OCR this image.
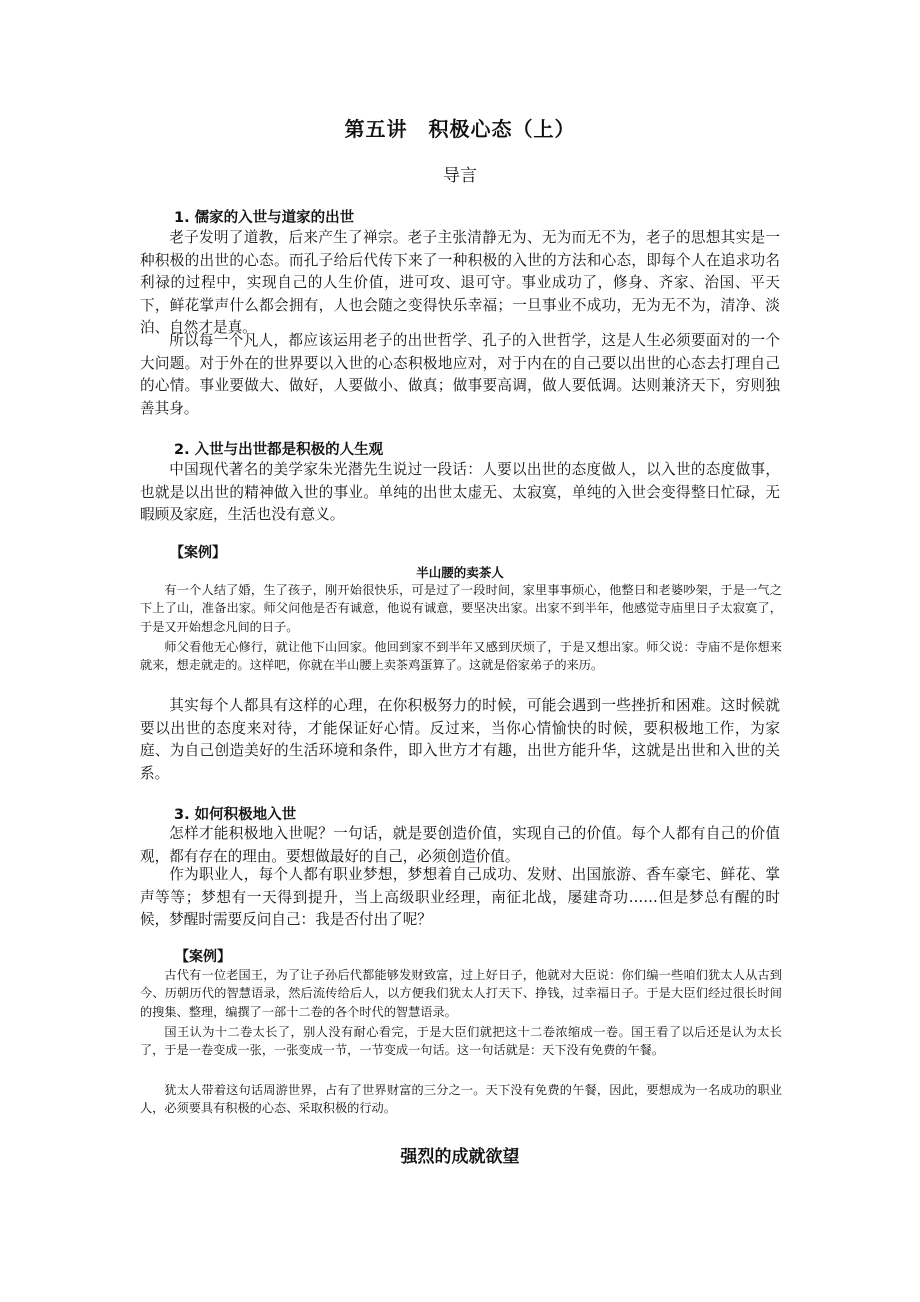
第五讲　积极心态（上）
导言
1. 儒家的入世与道家的出世

老子发明了道教，后来产生了禅宗。老子主张清静无为、无为而无不为，老子的思想其实是一种积极的出世的心态。而孔子给后代传下来了一种积极的入世的方法和心态，即每个人在追求功名利禄的过程中，实现自己的人生价值，进可攻、退可守。事业成功了，修身、齐家、治国、平天下，鲜花掌声什么都会拥有，人也会随之变得快乐幸福；一旦事业不成功，无为无不为，清净、淡泊、自然才是真。

所以每一个凡人，都应该运用老子的出世哲学、孔子的入世哲学，这是人生必须要面对的一个大问题。对于外在的世界要以入世的心态积极地应对，对于内在的自己要以出世的心态去打理自己的心情。事业要做大、做好，人要做小、做真；做事要高调，做人要低调。达则兼济天下，穷则独善其身。

2. 入世与出世都是积极的人生观

中国现代著名的美学家朱光潜先生说过一段话：人要以出世的态度做人，以入世的态度做事，也就是以出世的精神做入世的事业。单纯的出世太虚无、太寂寞，单纯的入世会变得整日忙碌，无暇顾及家庭，生活也没有意义。

【案例】
半山腰的卖茶人

有一个人结了婚，生了孩子，刚开始很快乐，可是过了一段时间，家里事事烦心，他整日和老婆吵架，于是一气之下上了山，准备出家。师父问他是否有诚意，他说有诚意，要坚决出家。出家不到半年，他感觉寺庙里日子太寂寞了，于是又开始想念凡间的日子。

师父看他无心修行，就让他下山回家。他回到家不到半年又感到厌烦了，于是又想出家。师父说：寺庙不是你想来就来，想走就走的。这样吧，你就在半山腰上卖茶鸡蛋算了。这就是俗家弟子的来历。

其实每个人都具有这样的心理，在你积极努力的时候，可能会遇到一些挫折和困难。这时候就要以出世的态度来对待，才能保证好心情。反过来，当你心情愉快的时候，要积极地工作，为家庭、为自己创造美好的生活环境和条件，即入世方才有趣，出世方能升华，这就是出世和入世的关系。

3. 如何积极地入世

怎样才能积极地入世呢？一句话，就是要创造价值，实现自己的价值。每个人都有自己的价值观，都有存在的理由。要想做最好的自己，必须创造价值。

作为职业人，每个人都有职业梦想，梦想着自己成功、发财、出国旅游、香车豪宅、鲜花、掌声等等；梦想有一天得到提升，当上高级职业经理，南征北战，屡建奇功……但是梦总有醒的时候，梦醒时需要反问自己：我是否付出了呢？

【案例】

古代有一位老国王，为了让子孙后代都能够发财致富，过上好日子，他就对大臣说：你们编一些咱们犹太人从古到今、历朝历代的智慧语录，然后流传给后人，以方便我们犹太人打天下、挣钱，过幸福日子。于是大臣们经过很长时间的搜集、整理，编撰了一部十二卷的各个时代的智慧语录。

国王认为十二卷太长了，别人没有耐心看完，于是大臣们就把这十二卷浓缩成一卷。国王看了以后还是认为太长了，于是一卷变成一张，一张变成一节，一节变成一句话。这一句话就是：天下没有免费的午餐。

犹太人带着这句话周游世界，占有了世界财富的三分之一。天下没有免费的午餐，因此，要想成为一名成功的职业人，必须要具有积极的心态、采取积极的行动。

强烈的成就欲望
